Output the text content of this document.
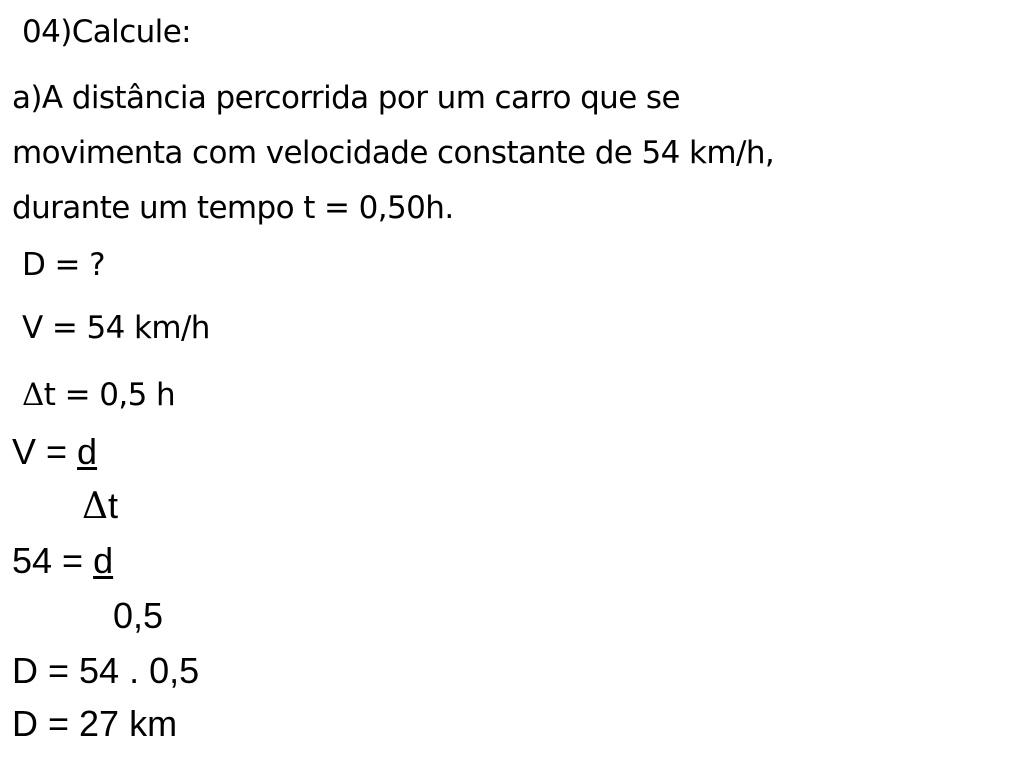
04)Calcule:
a)A distância percorrida por um carro que se
movimenta com velocidade constante de 54 km/h,
durante um tempo t = 0,50h.
D = ?
V = 54 km/h
Δt = 0,5 h
V = d
Δt
54 = d
0,5
D = 54 . 0,5
D = 27 km
